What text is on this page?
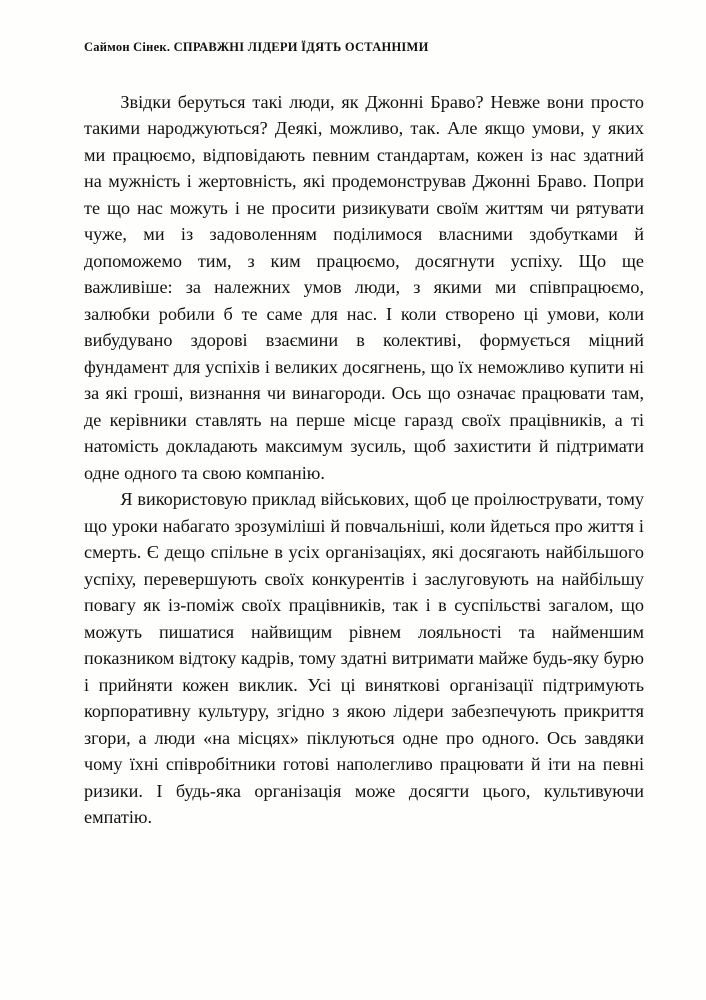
Саймон Сінек. СПРАВЖНІ ЛІДЕРИ ЇДЯТЬ ОСТАННІМИ

Звідки беруться такі люди, як Джонні Браво? Невже вони просто такими народжуються? Деякі, можливо, так. Але якщо умови, у яких ми працюємо, відповідають певним стандартам, кожен із нас здатний на мужність і жертовність, які продемонстрував Джонні Браво. Попри те що нас можуть і не просити ризикувати своїм життям чи рятувати чуже, ми із задоволенням поділимося власними здобутками й допоможемо тим, з ким працюємо, досягнути успіху. Що ще важливіше: за належних умов люди, з якими ми співпрацюємо, залюбки робили б те саме для нас. І коли створено ці умови, коли вибудувано здорові взаємини в колективі, формується міцний фундамент для успіхів і великих досягнень, що їх неможливо купити ні за які гроші, визнання чи винагороди. Ось що означає працювати там, де керівники ставлять на перше місце гаразд своїх працівників, а ті натомість докладають максимум зусиль, щоб захистити й підтримати одне одного та свою компанію.

Я використовую приклад військових, щоб це проілюструвати, тому що уроки набагато зрозуміліші й повчальніші, коли йдеться про життя і смерть. Є дещо спільне в усіх організаціях, які досягають найбільшого успіху, перевершують своїх конкурентів і заслуговують на найбільшу повагу як із-поміж своїх працівників, так і в суспільстві загалом, що можуть пишатися найвищим рівнем лояльності та найменшим показником відтоку кадрів, тому здатні витримати майже будь-яку бурю і прийняти кожен виклик. Усі ці виняткові організації підтримують корпоративну культуру, згідно з якою лідери забезпечують прикриття згори, а люди «на місцях» піклуються одне про одного. Ось завдяки чому їхні співробітники готові наполегливо працювати й іти на певні ризики. І будь-яка організація може досягти цього, культивуючи емпатію.
